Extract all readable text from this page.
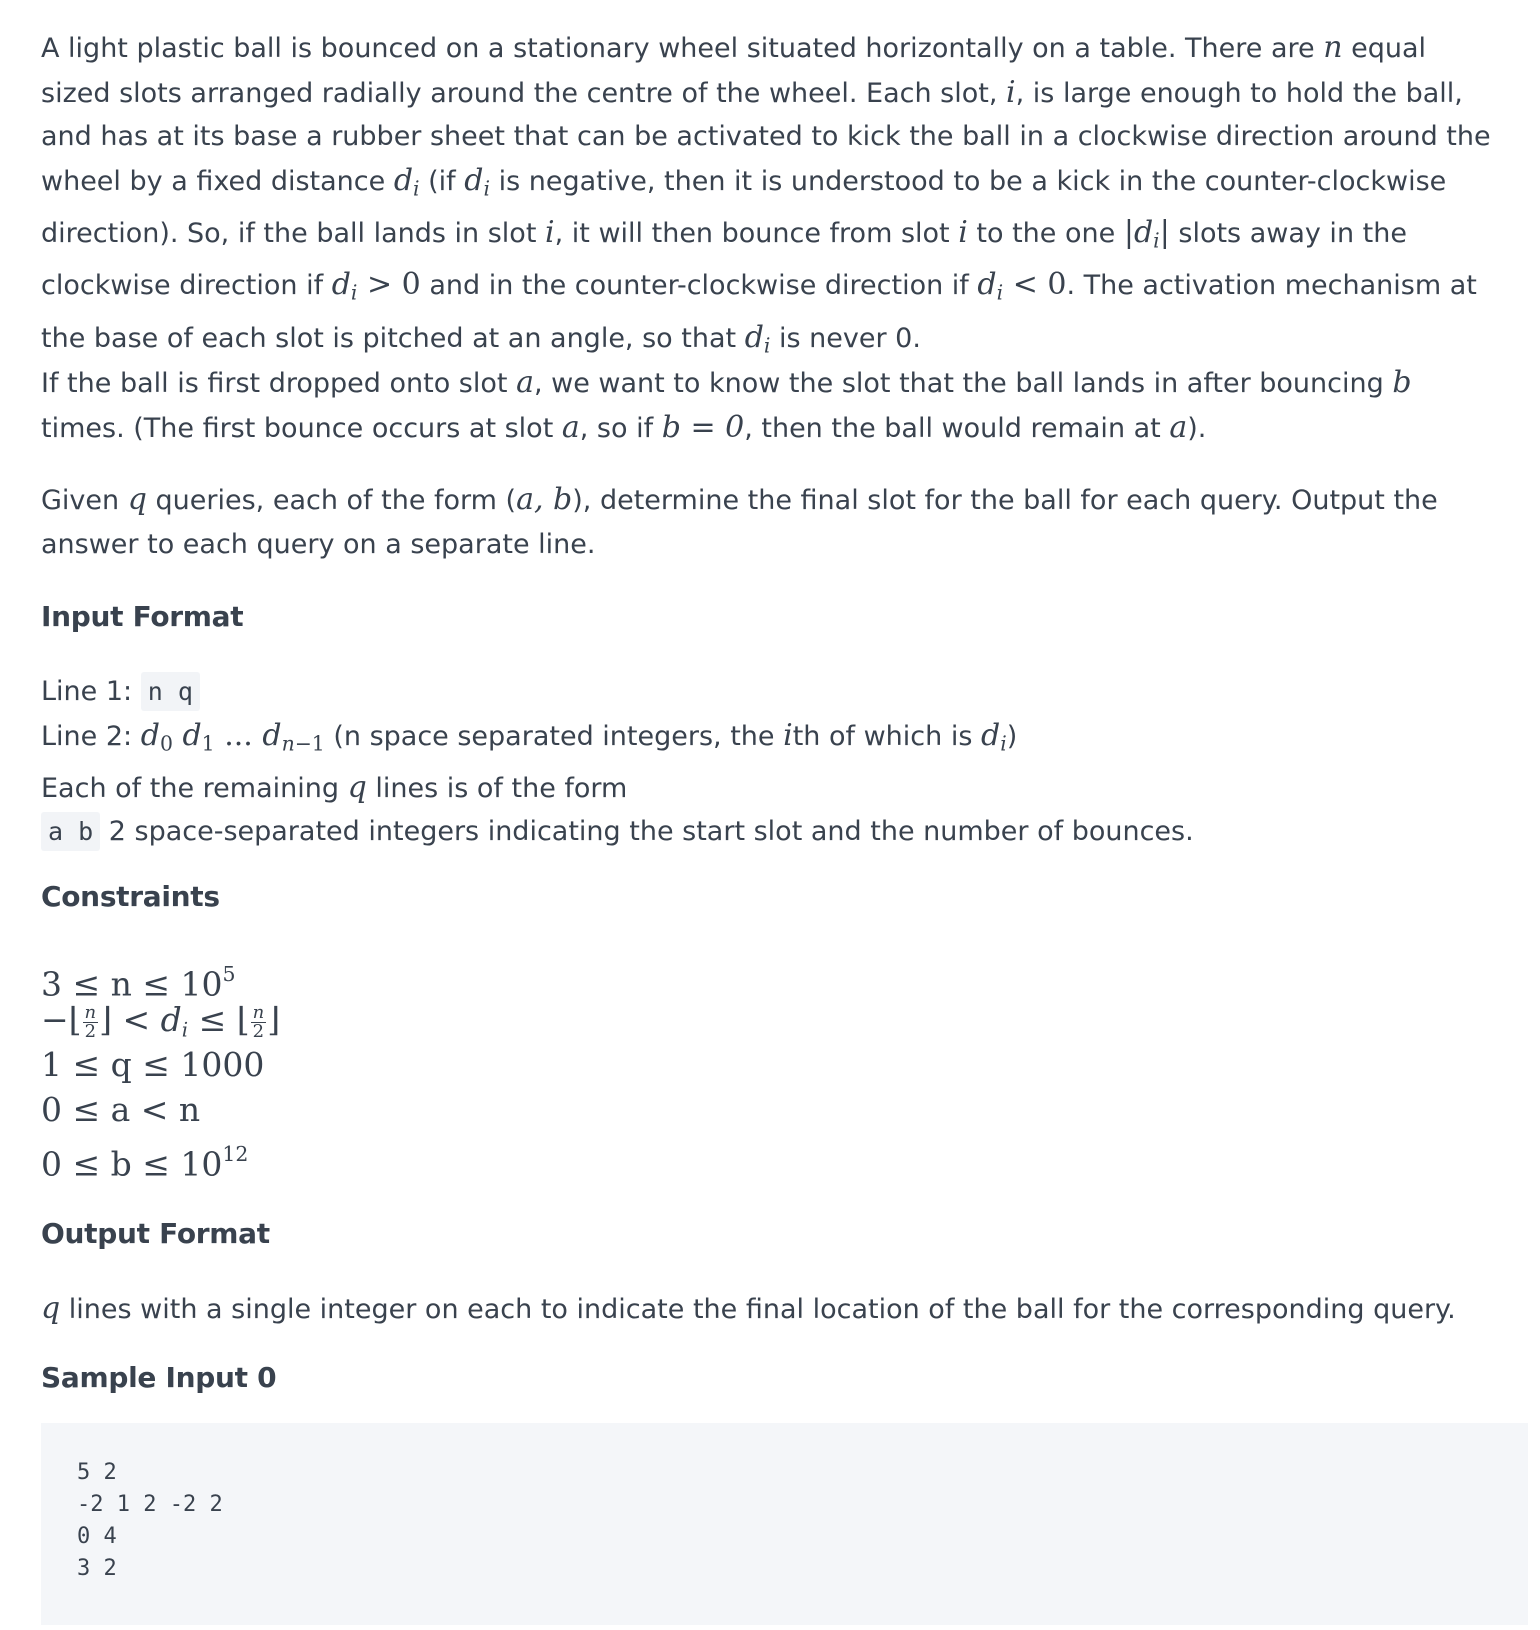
A light plastic ball is bounced on a stationary wheel situated horizontally on a table. There are n equal sized slots arranged radially around the centre of the wheel. Each slot, i, is large enough to hold the ball, and has at its base a rubber sheet that can be activated to kick the ball in a clockwise direction around the wheel by a fixed distance $d_i$ (if $d_i$ is negative, then it is understood to be a kick in the counter-clockwise direction). So, if the ball lands in slot i, it will then bounce from slot i to the one $|d_i|$ slots away in the clockwise direction if $d_i > 0$ and in the counter-clockwise direction if $d_i < 0$. The activation mechanism at the base of each slot is pitched at an angle, so that $d_i$ is never 0.

If the ball is first dropped onto slot a, we want to know the slot that the ball lands in after bouncing b times. (The first bounce occurs at slot a, so if b = 0, then the ball would remain at a).

Given q queries, each of the form (a, b), determine the final slot for the ball for each query. Output the answer to each query on a separate line.

Input Format
Line 1: n q
Line 2: d0 d1 ... $d_n-1$ (n space separated integers, the ith of which is $d_i$)
Each of the remaining q lines is of the form
a b 2 space-separated integers indicating the start slot and the number of bounces.
Constraints
$3 \le n \le 10^5$
−⌊ $\frac{n}{2}$ ⌋ < $d_i$ ≤ ⌊ $\frac{n}{2}$ ⌋
1 ≤ q ≤ 1000
0 ≤ a < n
$0 \le b \le 10^{12}$
Output Format

q lines with a single integer on each to indicate the final location of the ball for the corresponding query.

Sample Input 0
5 2
-2 1 2 -2 2
0 4
3 2
